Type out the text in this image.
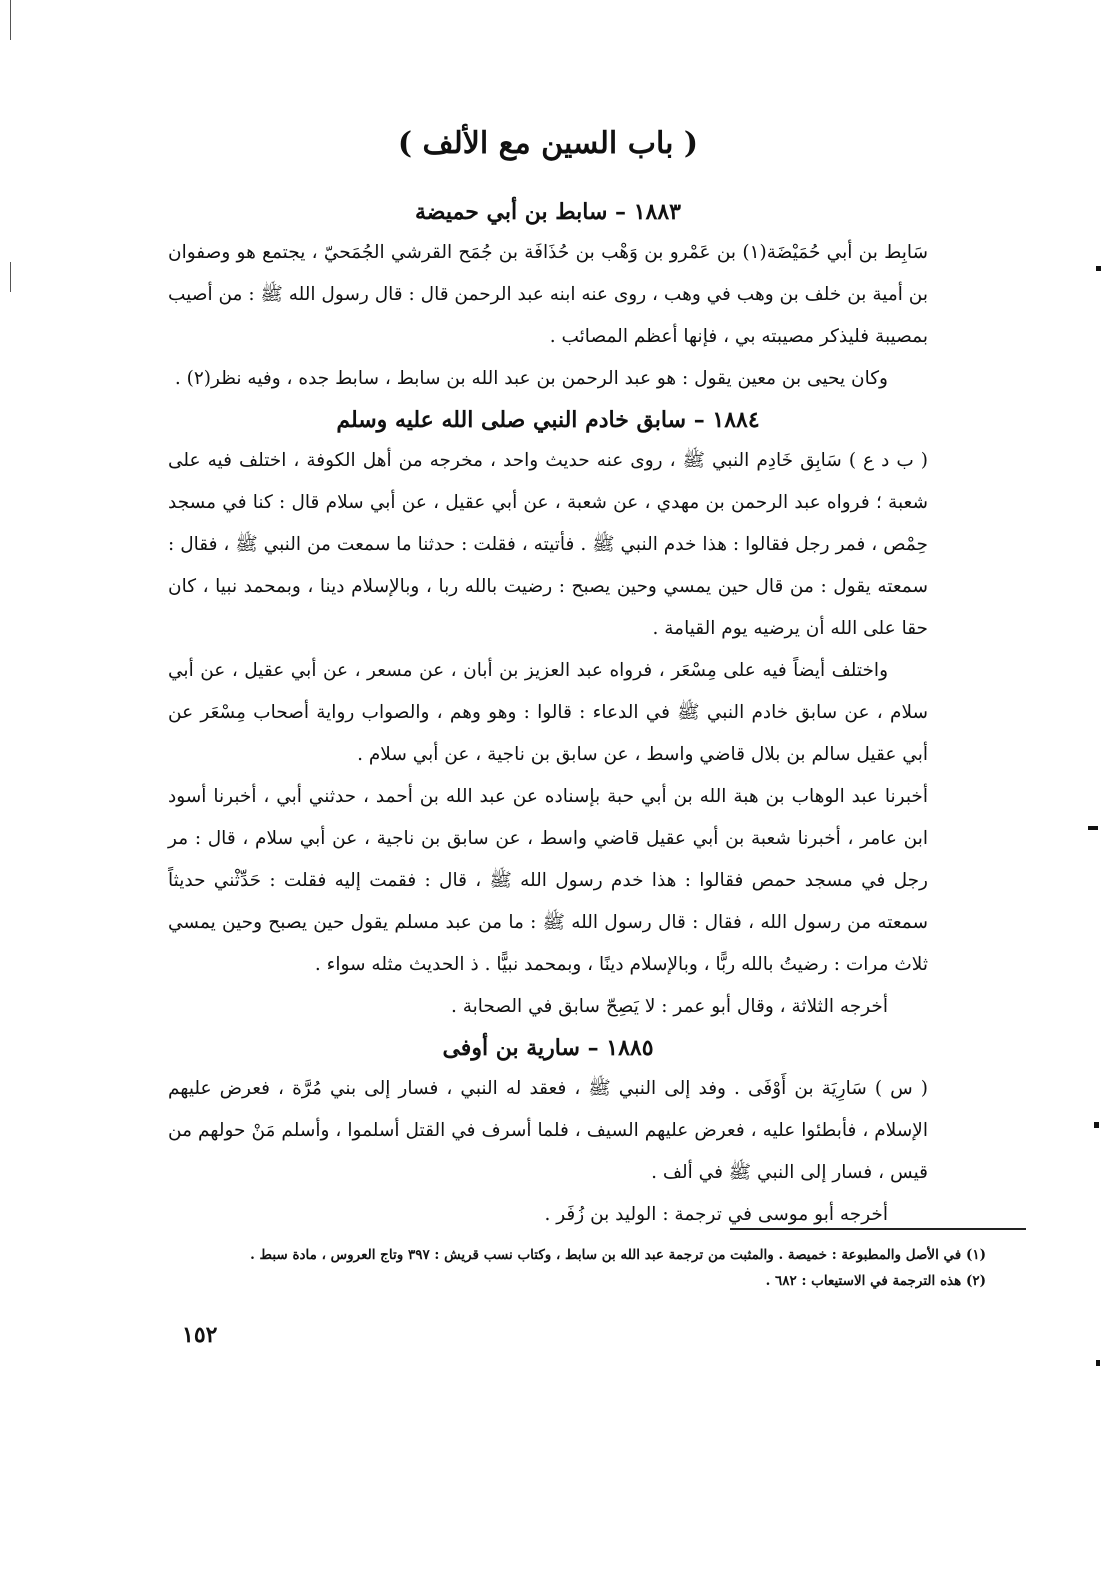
( باب السين مع الألف )
١٨٨٣ – سابط بن أبي حميضة

سَابِط بن أبي حُمَيْضَة(١) بن عَمْرو بن وَهْب بن حُذَافَة بن جُمَح القرشي الجُمَحيّ ، يجتمع هو وصفوان بن أمية بن خلف بن وهب في وهب ، روى عنه ابنه عبد الرحمن قال : قال رسول الله ﷺ : من أصيب بمصيبة فليذكر مصيبته بي ، فإنها أعظم المصائب .

وكان يحيى بن معين يقول : هو عبد الرحمن بن عبد الله بن سابط ، سابط جده ، وفيه نظر(٢) .

١٨٨٤ – سابق خادم النبي صلى الله عليه وسلم

( ب د ع ) سَابِق خَادِم النبي ﷺ ، روى عنه حديث واحد ، مخرجه من أهل الكوفة ، اختلف فيه على شعبة ؛ فرواه عبد الرحمن بن مهدي ، عن شعبة ، عن أبي عقيل ، عن أبي سلام قال : كنا في مسجد حِمْص ، فمر رجل فقالوا : هذا خدم النبي ﷺ . فأتيته ، فقلت : حدثنا ما سمعت من النبي ﷺ ، فقال : سمعته يقول : من قال حين يمسي وحين يصبح : رضيت بالله ربا ، وبالإسلام دينا ، وبمحمد نبيا ، كان حقا على الله أن يرضيه يوم القيامة .

واختلف أيضاً فيه على مِسْعَر ، فرواه عبد العزيز بن أبان ، عن مسعر ، عن أبي عقيل ، عن أبي سلام ، عن سابق خادم النبي ﷺ في الدعاء : قالوا : وهو وهم ، والصواب رواية أصحاب مِسْعَر عن أبي عقيل سالم بن بلال قاضي واسط ، عن سابق بن ناجية ، عن أبي سلام .

أخبرنا عبد الوهاب بن هبة الله بن أبي حبة بإسناده عن عبد الله بن أحمد ، حدثني أبي ، أخبرنا أسود ابن عامر ، أخبرنا شعبة بن أبي عقيل قاضي واسط ، عن سابق بن ناجية ، عن أبي سلام ، قال : مر رجل في مسجد حمص فقالوا : هذا خدم رسول الله ﷺ ، قال : فقمت إليه فقلت : حَدِّثْني حديثاً سمعته من رسول الله ، فقال : قال رسول الله ﷺ : ما من عبد مسلم يقول حين يصبح وحين يمسي ثلاث مرات : رضيتُ بالله ربًّا ، وبالإسلام دينًا ، وبمحمد نبيًّا . ذ الحديث مثله سواء .

أخرجه الثلاثة ، وقال أبو عمر : لا يَصِحّ سابق في الصحابة .

١٨٨٥ – سارية بن أوفى

( س ) سَارِيَة بن أَوْفَى . وفد إلى النبي ﷺ ، فعقد له النبي ، فسار إلى بني مُرَّة ، فعرض عليهم الإسلام ، فأبطئوا عليه ، فعرض عليهم السيف ، فلما أسرف في القتل أسلموا ، وأسلم مَنْ حولهم من قيس ، فسار إلى النبي ﷺ في ألف .

أخرجه أبو موسى في ترجمة : الوليد بن زُفَر .

(١) في الأصل والمطبوعة : خميصة . والمثبت من ترجمة عبد الله بن سابط ، وكتاب نسب قريش : ٣٩٧ وتاج العروس ، مادة سبط .

(٢) هذه الترجمة في الاستيعاب : ٦٨٢ .

١٥٢
